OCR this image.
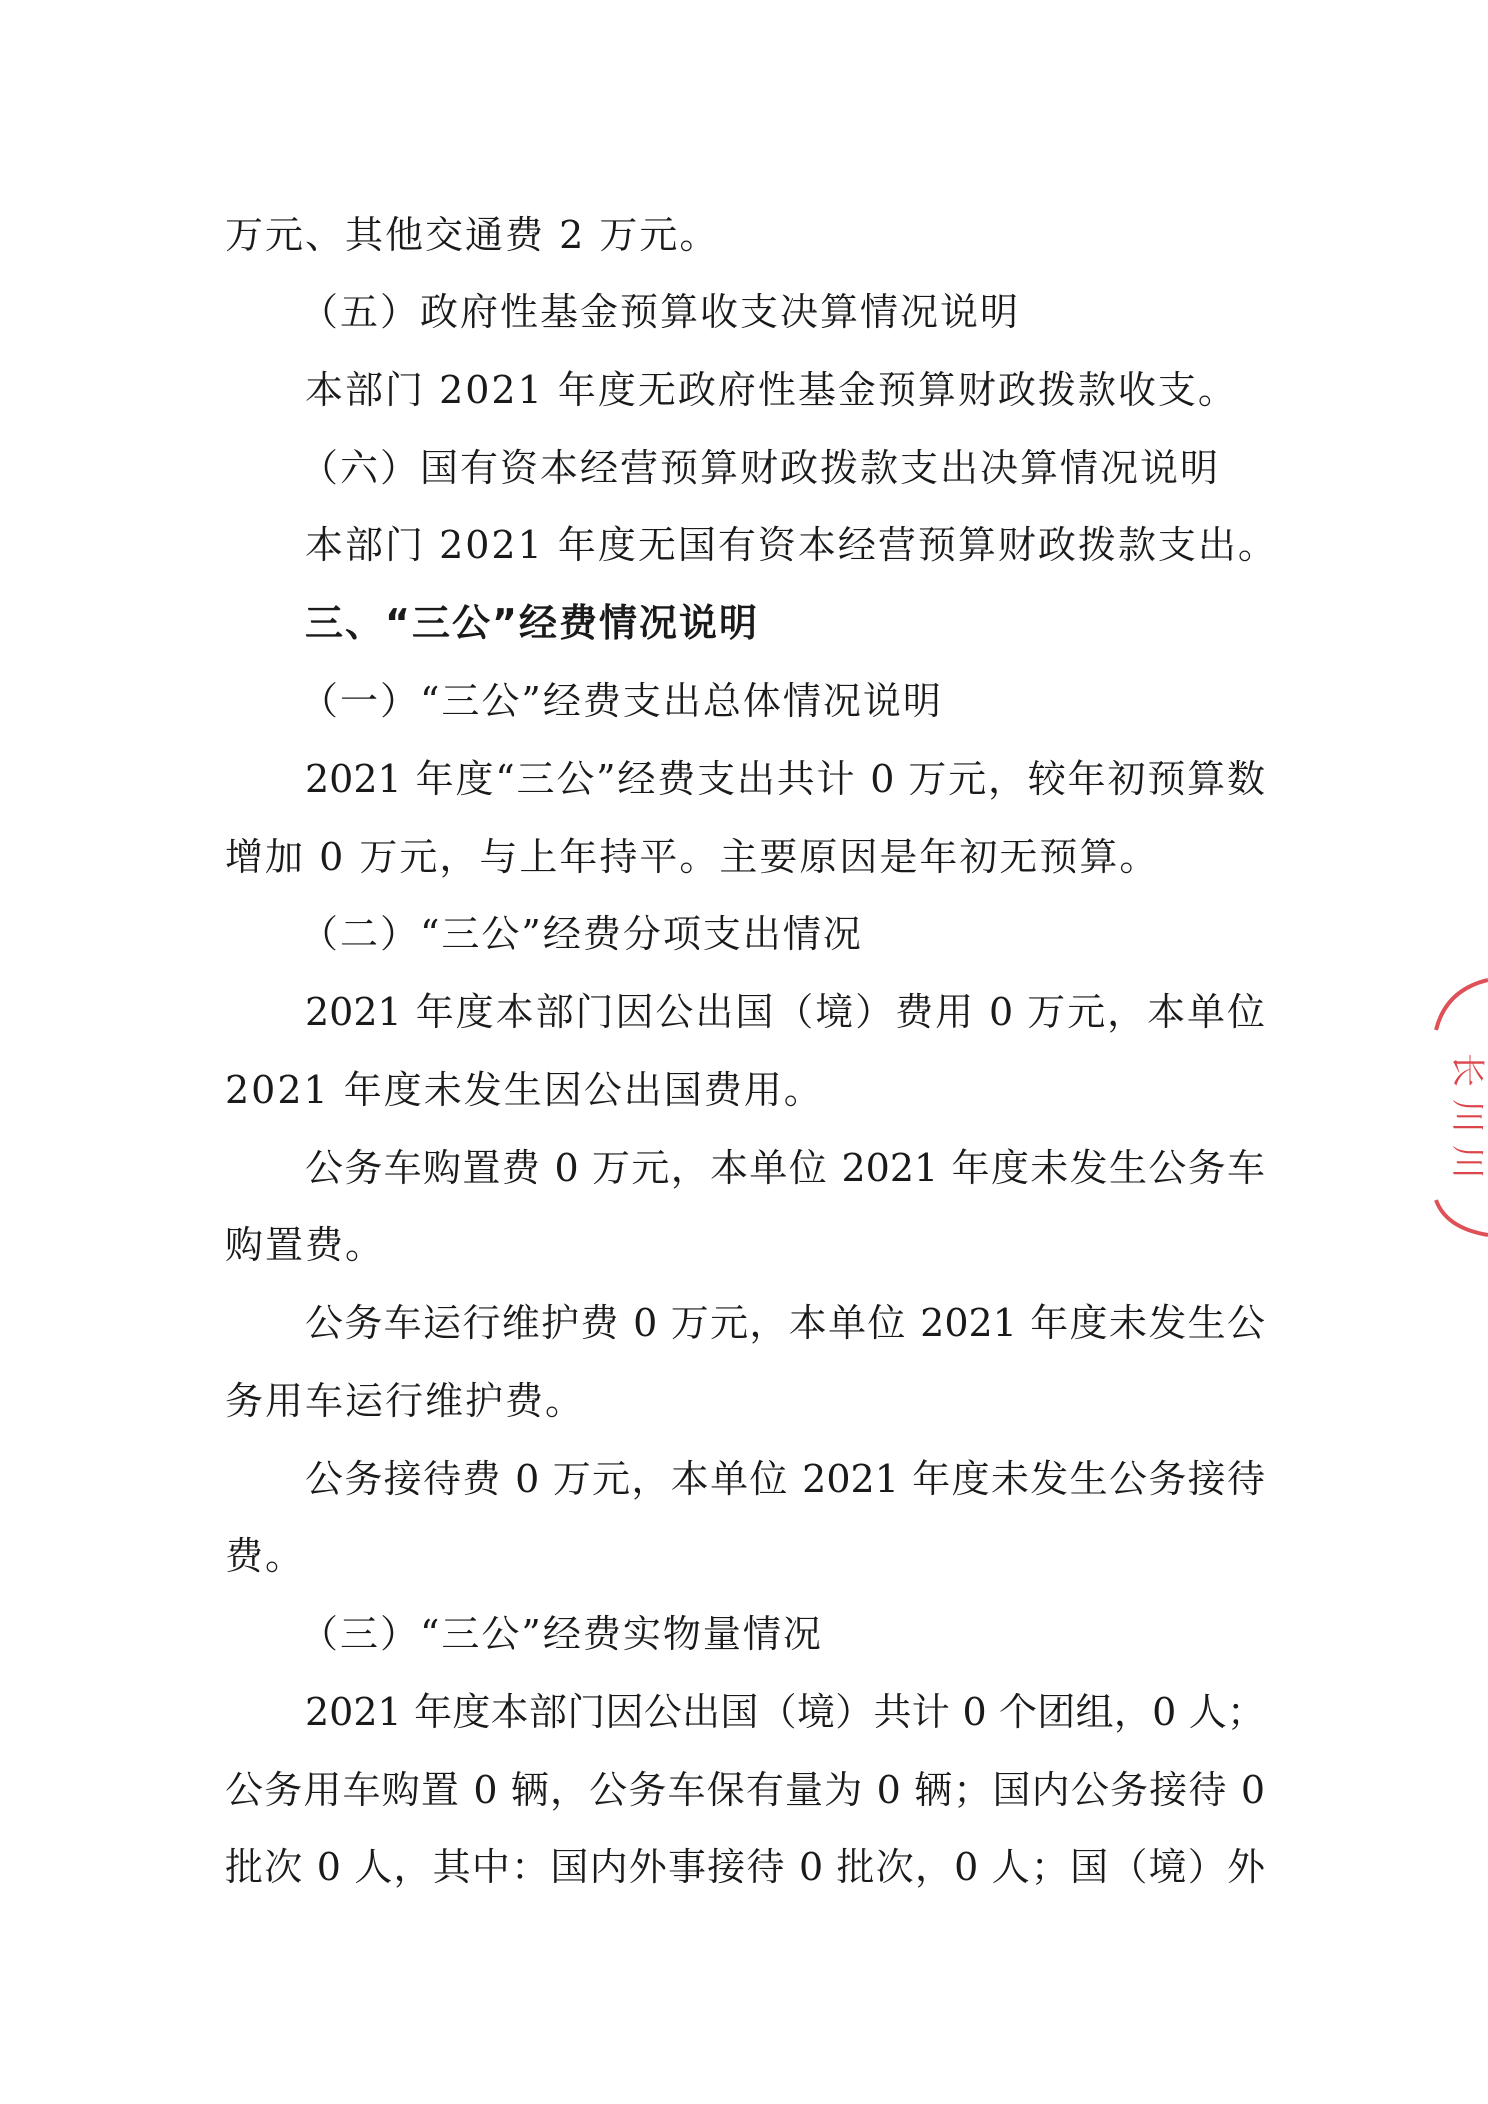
万元、其他交通费 2 万元。
（五）政府性基金预算收支决算情况说明
本部门 2021 年度无政府性基金预算财政拨款收支。
（六）国有资本经营预算财政拨款支出决算情况说明
本部门 2021 年度无国有资本经营预算财政拨款支出。
三、“三公”经费情况说明
（一）“三公”经费支出总体情况说明
2021 年度“三公”经费支出共计 0 万元，较年初预算数
增加 0 万元，与上年持平。主要原因是年初无预算。
（二）“三公”经费分项支出情况
2021 年度本部门因公出国（境）费用 0 万元，本单位
2021 年度未发生因公出国费用。
公务车购置费 0 万元，本单位 2021 年度未发生公务车
购置费。
公务车运行维护费 0 万元，本单位 2021 年度未发生公
务用车运行维护费。
公务接待费 0 万元，本单位 2021 年度未发生公务接待
费。
（三）“三公”经费实物量情况
2021 年度本部门因公出国（境）共计 0 个团组，0 人；
公务用车购置 0 辆，公务车保有量为 0 辆；国内公务接待 0
批次 0 人，其中：国内外事接待 0 批次，0 人；国（境）外
长
川
川
